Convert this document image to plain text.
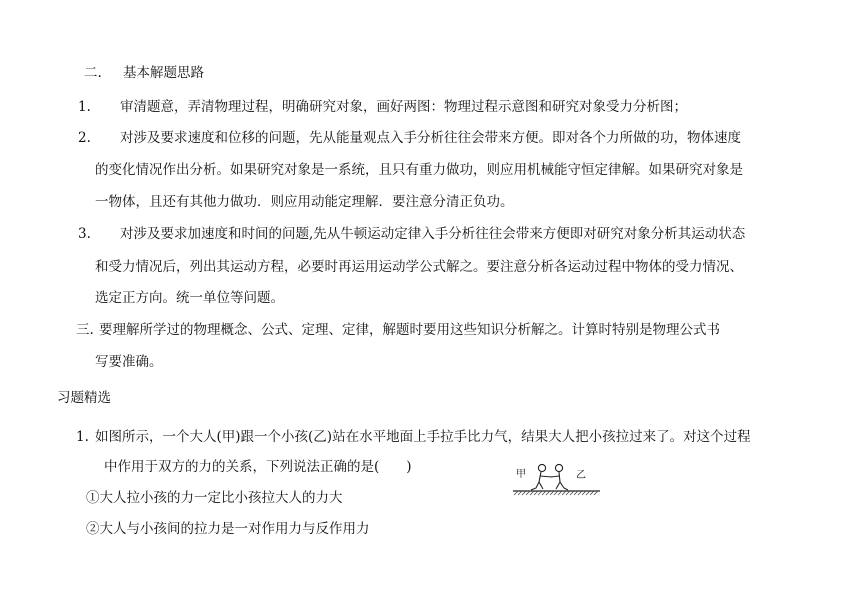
二. 基本解题思路
1. 审清题意，弄清物理过程，明确研究对象，画好两图：物理过程示意图和研究对象受力分析图；
2. 对涉及要求速度和位移的问题，先从能量观点入手分析往往会带来方便。即对各个力所做的功，物体速度
的变化情况作出分析。如果研究对象是一系统，且只有重力做功，则应用机械能守恒定律解。如果研究对象是
一物体，且还有其他力做功．则应用动能定理解．要注意分清正负功。
3. 对涉及要求加速度和时间的问题,先从牛顿运动定律入手分析往往会带来方便即对研究对象分析其运动状态
和受力情况后，列出其运动方程，必要时再运用运动学公式解之。要注意分析各运动过程中物体的受力情况、
选定正方向。统一单位等问题。
三. 要理解所学过的物理概念、公式、定理、定律，解题时要用这些知识分析解之。计算时特别是物理公式书
写要准确。
习题精选
1. 如图所示，一个大人(甲)跟一个小孩(乙)站在水平地面上手拉手比力气，结果大人把小孩拉过来了。对这个过程
中作用于双方的力的关系，下列说法正确的是(　　)
①大人拉小孩的力一定比小孩拉大人的力大
②大人与小孩间的拉力是一对作用力与反作用力
甲	乙
